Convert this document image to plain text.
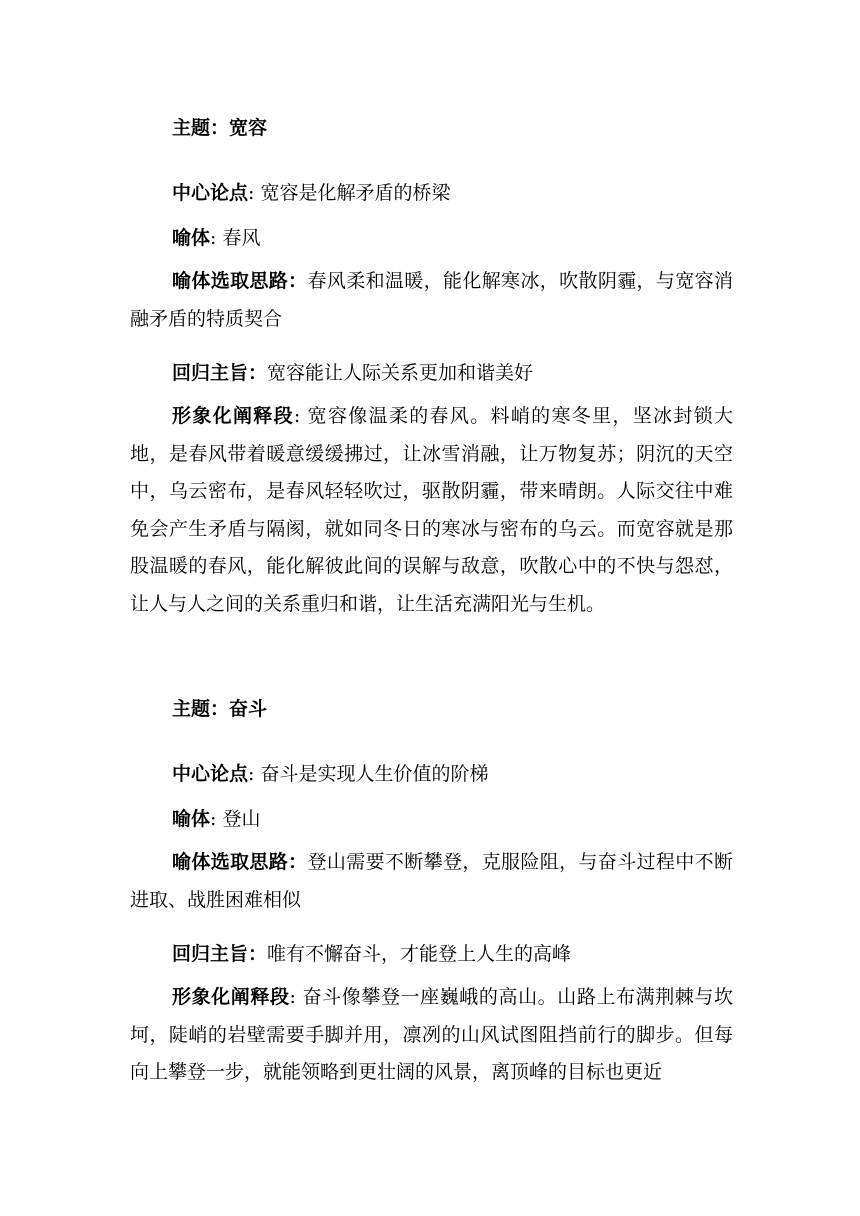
主题：宽容
中心论点: 宽容是化解矛盾的桥梁
喻体: 春风
喻体选取思路：春风柔和温暖，能化解寒冰，吹散阴霾，与宽容消融矛盾的特质契合
回归主旨：宽容能让人际关系更加和谐美好
形象化阐释段: 宽容像温柔的春风。料峭的寒冬里，坚冰封锁大地，是春风带着暖意缓缓拂过，让冰雪消融，让万物复苏；阴沉的天空中，乌云密布，是春风轻轻吹过，驱散阴霾，带来晴朗。人际交往中难免会产生矛盾与隔阂，就如同冬日的寒冰与密布的乌云。而宽容就是那股温暖的春风，能化解彼此间的误解与敌意，吹散心中的不快与怨怼，让人与人之间的关系重归和谐，让生活充满阳光与生机。
主题：奋斗
中心论点: 奋斗是实现人生价值的阶梯
喻体: 登山
喻体选取思路：登山需要不断攀登，克服险阻，与奋斗过程中不断进取、战胜困难相似
回归主旨：唯有不懈奋斗，才能登上人生的高峰
形象化阐释段: 奋斗像攀登一座巍峨的高山。山路上布满荆棘与坎坷，陡峭的岩壁需要手脚并用，凛冽的山风试图阻挡前行的脚步。但每向上攀登一步，就能领略到更壮阔的风景，离顶峰的目标也更近
